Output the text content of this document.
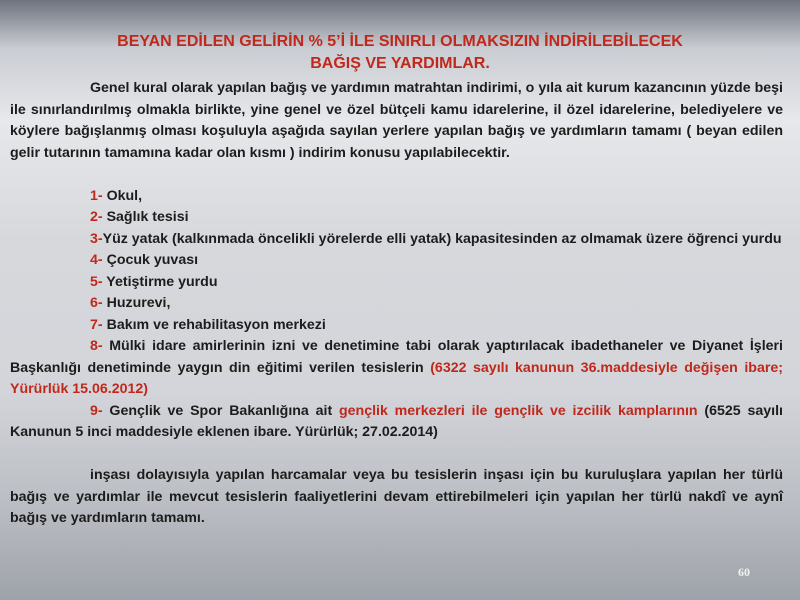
BEYAN EDİLEN GELİRİN % 5’İ İLE SINIRLI OLMAKSIZIN İNDİRİLEBİLECEK
BAĞIŞ VE YARDIMLAR.

Genel kural olarak yapılan bağış ve yardımın matrahtan indirimi, o yıla ait kurum kazancının yüzde beşi ile sınırlandırılmış olmakla birlikte, yine genel ve özel bütçeli kamu idarelerine, il özel idarelerine, belediyelere ve köylere bağışlanmış olması koşuluyla aşağıda sayılan yerlere yapılan bağış ve yardımların tamamı ( beyan edilen gelir tutarının tamamına kadar olan kısmı ) indirim konusu yapılabilecektir.

1- Okul,

2- Sağlık tesisi

3-Yüz yatak (kalkınmada öncelikli yörelerde elli yatak) kapasitesinden az olmamak üzere öğrenci yurdu

4- Çocuk yuvası

5- Yetiştirme yurdu

6- Huzurevi,

7- Bakım ve rehabilitasyon merkezi

8- Mülki idare amirlerinin izni ve denetimine tabi olarak yaptırılacak ibadethaneler ve Diyanet İşleri Başkanlığı denetiminde yaygın din eğitimi verilen tesislerin (6322 sayılı kanunun 36.maddesiyle değişen ibare; Yürürlük 15.06.2012)

9- Gençlik ve Spor Bakanlığına ait gençlik merkezleri ile gençlik ve izcilik kamplarının (6525 sayılı Kanunun 5 inci maddesiyle eklenen ibare. Yürürlük; 27.02.2014)

inşası dolayısıyla yapılan harcamalar veya bu tesislerin inşası için bu kuruluşlara yapılan her türlü bağış ve yardımlar ile mevcut tesislerin faaliyetlerini devam ettirebilmeleri için yapılan her türlü nakdî ve aynî bağış ve yardımların tamamı.

60
